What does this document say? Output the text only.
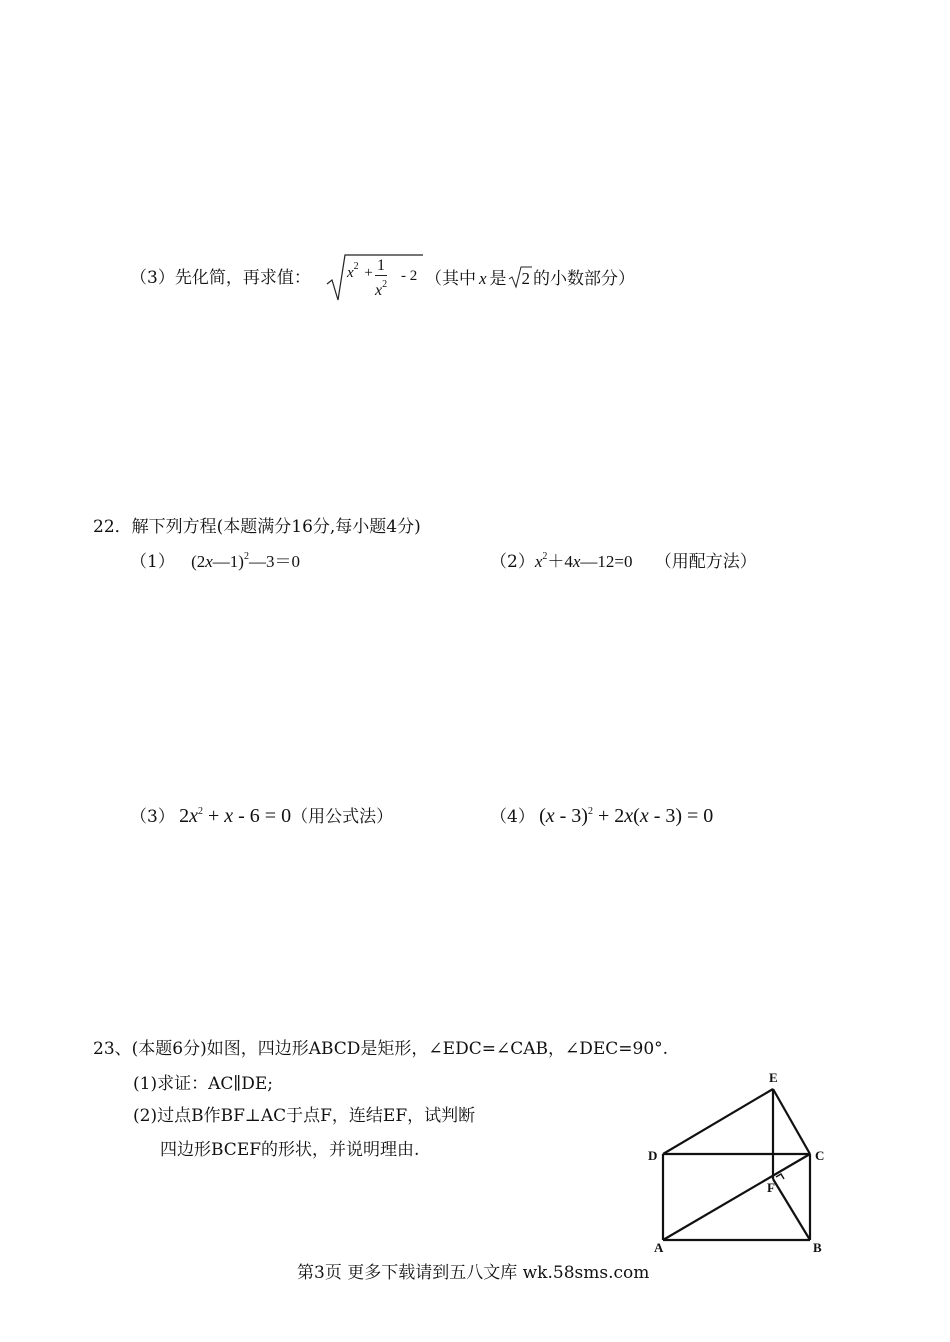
（3）先化简，再求值： $x^2 + \frac{1}{x^2} - 2$ （其中 x 是 2 的小数部分）
22．解下列方程(本题满分16分,每小题4分)
（1） (2x—1)$^2$—3＝0	$(2)x^2+4x—12=0$ （用配方法）
（3） $2x^2 + x - 6 = 0$（用公式法）	（4） (x - 3)$^2$ + 2x(x - 3) = 0
23、(本题6分)如图，四边形ABCD是矩形，∠EDC=∠CAB，∠DEC=90°.
(1)求证：AC∥DE;
(2)过点B作BF⊥AC于点F，连结EF，试判断
四边形BCEF的形状，并说明理由.
E
D	C
F
A	B
第3页 更多下载请到五八文库 wk.58sms.com
